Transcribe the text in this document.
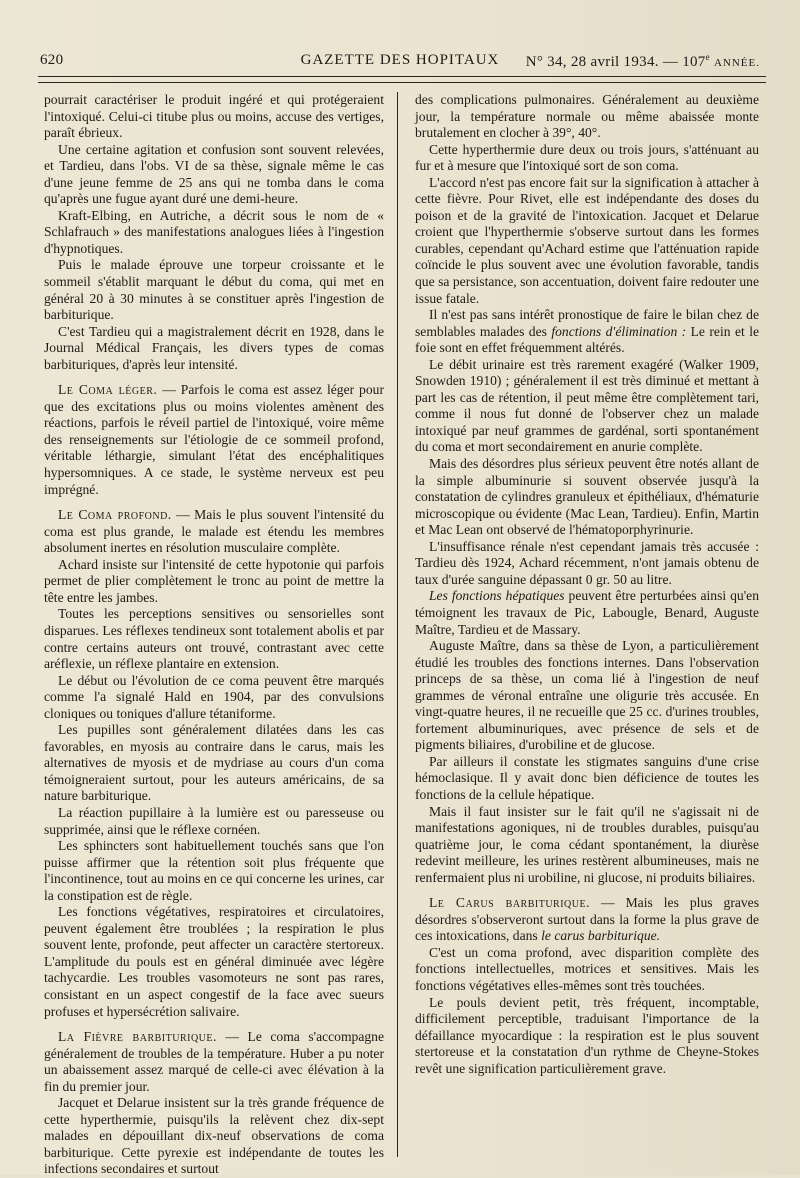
620	GAZETTE DES HOPITAUX	N° 34, 28 avril 1934. — 107e ANNÉE.

pourrait caractériser le produit ingéré et qui protégeraient l'intoxiqué. Celui-ci titube plus ou moins, accuse des vertiges, paraît ébrieux.

Une certaine agitation et confusion sont souvent relevées, et Tardieu, dans l'obs. VI de sa thèse, signale même le cas d'une jeune femme de 25 ans qui ne tomba dans le coma qu'après une fugue ayant duré une demi-heure.

Kraft-Elbing, en Autriche, a décrit sous le nom de « Schlafrauch » des manifestations analogues liées à l'ingestion d'hypnotiques.

Puis le malade éprouve une torpeur croissante et le sommeil s'établit marquant le début du coma, qui met en général 20 à 30 minutes à se constituer après l'ingestion de barbiturique.

C'est Tardieu qui a magistralement décrit en 1928, dans le Journal Médical Français, les divers types de comas barbituriques, d'après leur intensité.

Le Coma léger. — Parfois le coma est assez léger pour que des excitations plus ou moins violentes amènent des réactions, parfois le réveil partiel de l'intoxiqué, voire même des renseignements sur l'étiologie de ce sommeil profond, véritable léthargie, simulant l'état des encéphalitiques hypersomniques. A ce stade, le système nerveux est peu imprégné.

Le Coma profond. — Mais le plus souvent l'intensité du coma est plus grande, le malade est étendu les membres absolument inertes en résolution musculaire complète.

Achard insiste sur l'intensité de cette hypotonie qui parfois permet de plier complètement le tronc au point de mettre la tête entre les jambes.

Toutes les perceptions sensitives ou sensorielles sont disparues. Les réflexes tendineux sont totalement abolis et par contre certains auteurs ont trouvé, contrastant avec cette aréflexie, un réflexe plantaire en extension.

Le début ou l'évolution de ce coma peuvent être marqués comme l'a signalé Hald en 1904, par des convulsions cloniques ou toniques d'allure tétaniforme.

Les pupilles sont généralement dilatées dans les cas favorables, en myosis au contraire dans le carus, mais les alternatives de myosis et de mydriase au cours d'un coma témoigneraient surtout, pour les auteurs américains, de sa nature barbiturique.

La réaction pupillaire à la lumière est ou paresseuse ou supprimée, ainsi que le réflexe cornéen.

Les sphincters sont habituellement touchés sans que l'on puisse affirmer que la rétention soit plus fréquente que l'incontinence, tout au moins en ce qui concerne les urines, car la constipation est de règle.

Les fonctions végétatives, respiratoires et circulatoires, peuvent également être troublées ; la respiration le plus souvent lente, profonde, peut affecter un caractère stertoreux. L'amplitude du pouls est en général diminuée avec légère tachycardie. Les troubles vasomoteurs ne sont pas rares, consistant en un aspect congestif de la face avec sueurs profuses et hypersécrétion salivaire.

La Fièvre barbiturique. — Le coma s'accompagne généralement de troubles de la température. Huber a pu noter un abaissement assez marqué de celle-ci avec élévation à la fin du premier jour.

Jacquet et Delarue insistent sur la très grande fréquence de cette hyperthermie, puisqu'ils la relèvent chez dix-sept malades en dépouillant dix-neuf observations de coma barbiturique. Cette pyrexie est indépendante de toutes les infections secondaires et surtout

des complications pulmonaires. Généralement au deuxième jour, la température normale ou même abaissée monte brutalement en clocher à 39°, 40°.

Cette hyperthermie dure deux ou trois jours, s'atténuant au fur et à mesure que l'intoxiqué sort de son coma.

L'accord n'est pas encore fait sur la signification à attacher à cette fièvre. Pour Rivet, elle est indépendante des doses du poison et de la gravité de l'intoxication. Jacquet et Delarue croient que l'hyperthermie s'observe surtout dans les formes curables, cependant qu'Achard estime que l'atténuation rapide coïncide le plus souvent avec une évolution favorable, tandis que sa persistance, son accentuation, doivent faire redouter une issue fatale.

Il n'est pas sans intérêt pronostique de faire le bilan chez de semblables malades des fonctions d'élimination : Le rein et le foie sont en effet fréquemment altérés.

Le débit urinaire est très rarement exagéré (Walker 1909, Snowden 1910) ; généralement il est très diminué et mettant à part les cas de rétention, il peut même être complètement tari, comme il nous fut donné de l'observer chez un malade intoxiqué par neuf grammes de gardénal, sorti spontanément du coma et mort secondairement en anurie complète.

Mais des désordres plus sérieux peuvent être notés allant de la simple albuminurie si souvent observée jusqu'à la constatation de cylindres granuleux et épithéliaux, d'hématurie microscopique ou évidente (Mac Lean, Tardieu). Enfin, Martin et Mac Lean ont observé de l'hématoporphyrinurie.

L'insuffisance rénale n'est cependant jamais très accusée : Tardieu dès 1924, Achard récemment, n'ont jamais obtenu de taux d'urée sanguine dépassant 0 gr. 50 au litre.

Les fonctions hépatiques peuvent être perturbées ainsi qu'en témoignent les travaux de Pic, Labougle, Benard, Auguste Maître, Tardieu et de Massary.

Auguste Maître, dans sa thèse de Lyon, a particulièrement étudié les troubles des fonctions internes. Dans l'observation princeps de sa thèse, un coma lié à l'ingestion de neuf grammes de véronal entraîne une oligurie très accusée. En vingt-quatre heures, il ne recueille que 25 cc. d'urines troubles, fortement albuminuriques, avec présence de sels et de pigments biliaires, d'urobiline et de glucose.

Par ailleurs il constate les stigmates sanguins d'une crise hémoclasique. Il y avait donc bien déficience de toutes les fonctions de la cellule hépatique.

Mais il faut insister sur le fait qu'il ne s'agissait ni de manifestations agoniques, ni de troubles durables, puisqu'au quatrième jour, le coma cédant spontanément, la diurèse redevint meilleure, les urines restèrent albumineuses, mais ne renfermaient plus ni urobiline, ni glucose, ni produits biliaires.

Le Carus barbiturique. — Mais les plus graves désordres s'observeront surtout dans la forme la plus grave de ces intoxications, dans le carus barbiturique.

C'est un coma profond, avec disparition complète des fonctions intellectuelles, motrices et sensitives. Mais les fonctions végétatives elles-mêmes sont très touchées.

Le pouls devient petit, très fréquent, incomptable, difficilement perceptible, traduisant l'importance de la défaillance myocardique : la respiration est le plus souvent stertoreuse et la constatation d'un rythme de Cheyne-Stokes revêt une signification particulièrement grave.
